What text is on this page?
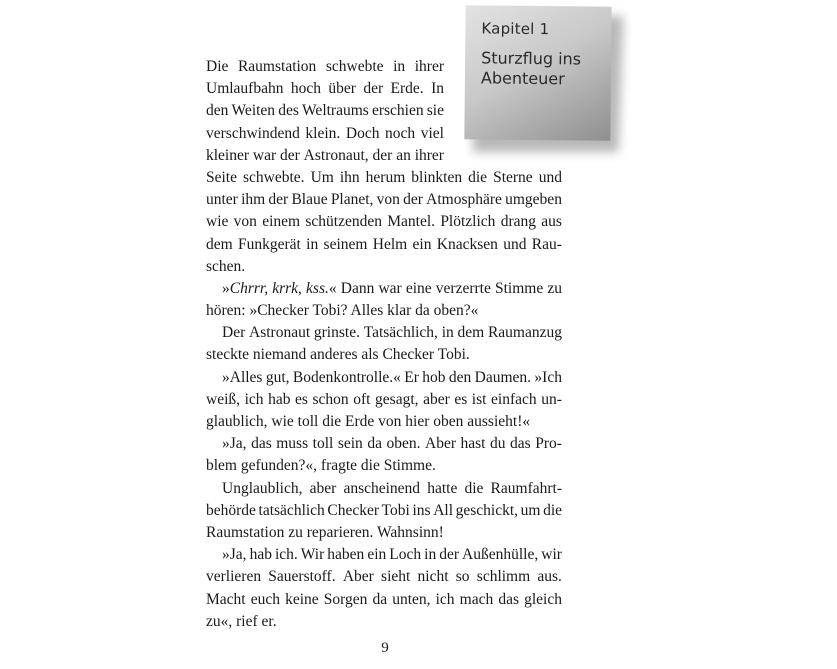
Kapitel 1
Sturzflug ins
Abenteuer
Die Raumstation schwebte in ihrer
Umlaufbahn hoch über der Erde. In
den Weiten des Weltraums erschien sie
verschwindend klein. Doch noch viel
kleiner war der Astronaut, der an ihrer
Seite schwebte. Um ihn herum blinkten die Sterne und
unter ihm der Blaue Planet, von der Atmosphäre umgeben
wie von einem schützenden Mantel. Plötzlich drang aus
dem Funkgerät in seinem Helm ein Knacksen und Rau-
schen.
»Chrrr, krrk, kss.« Dann war eine verzerrte Stimme zu
hören: »Checker Tobi? Alles klar da oben?«
Der Astronaut grinste. Tatsächlich, in dem Raumanzug
steckte niemand anderes als Checker Tobi.
»Alles gut, Bodenkontrolle.« Er hob den Daumen. »Ich
weiß, ich hab es schon oft gesagt, aber es ist einfach un-
glaublich, wie toll die Erde von hier oben aussieht!«
»Ja, das muss toll sein da oben. Aber hast du das Pro-
blem gefunden?«, fragte die Stimme.
Unglaublich, aber anscheinend hatte die Raumfahrt-
behörde tatsächlich Checker Tobi ins All geschickt, um die
Raumstation zu reparieren. Wahnsinn!
»Ja, hab ich. Wir haben ein Loch in der Außenhülle, wir
verlieren Sauerstoff. Aber sieht nicht so schlimm aus.
Macht euch keine Sorgen da unten, ich mach das gleich
zu«, rief er.
9
